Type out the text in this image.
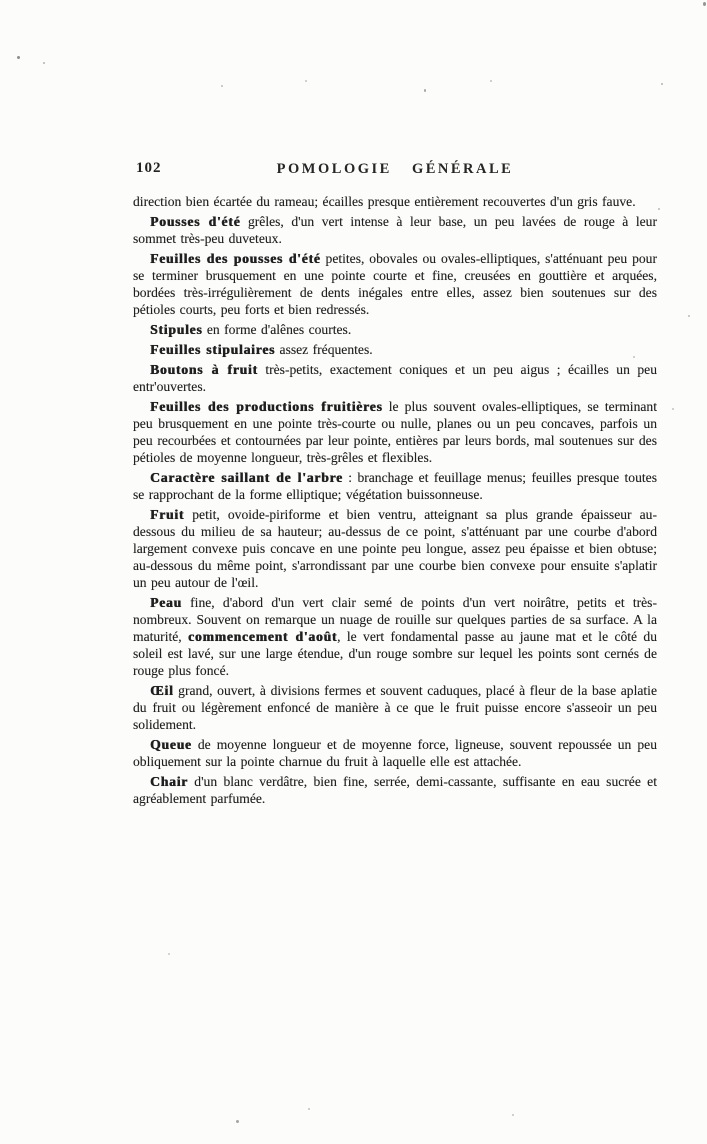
102	POMOLOGIE GÉNÉRALE

direction bien écartée du rameau; écailles presque entièrement recouvertes d'un gris fauve.

Pousses d'été grêles, d'un vert intense à leur base, un peu lavées de rouge à leur sommet très-peu duveteux.

Feuilles des pousses d'été petites, obovales ou ovales-elliptiques, s'atténuant peu pour se terminer brusquement en une pointe courte et fine, creusées en gouttière et arquées, bordées très-irrégulièrement de dents inégales entre elles, assez bien soutenues sur des pétioles courts, peu forts et bien redressés.

Stipules en forme d'alênes courtes.

Feuilles stipulaires assez fréquentes.

Boutons à fruit très-petits, exactement coniques et un peu aigus ; écailles un peu entr'ouvertes.

Feuilles des productions fruitières le plus souvent ovales-elliptiques, se terminant peu brusquement en une pointe très-courte ou nulle, planes ou un peu concaves, parfois un peu recourbées et contournées par leur pointe, entières par leurs bords, mal soutenues sur des pétioles de moyenne longueur, très-grêles et flexibles.

Caractère saillant de l'arbre : branchage et feuillage menus; feuilles presque toutes se rapprochant de la forme elliptique; végétation buissonneuse.

Fruit petit, ovoide-piriforme et bien ventru, atteignant sa plus grande épaisseur au-dessous du milieu de sa hauteur; au-dessus de ce point, s'atténuant par une courbe d'abord largement convexe puis concave en une pointe peu longue, assez peu épaisse et bien obtuse; au-dessous du même point, s'arrondissant par une courbe bien convexe pour ensuite s'aplatir un peu autour de l'œil.

Peau fine, d'abord d'un vert clair semé de points d'un vert noirâtre, petits et très-nombreux. Souvent on remarque un nuage de rouille sur quelques parties de sa surface. A la maturité, commencement d'août, le vert fondamental passe au jaune mat et le côté du soleil est lavé, sur une large étendue, d'un rouge sombre sur lequel les points sont cernés de rouge plus foncé.

Œil grand, ouvert, à divisions fermes et souvent caduques, placé à fleur de la base aplatie du fruit ou légèrement enfoncé de manière à ce que le fruit puisse encore s'asseoir un peu solidement.

Queue de moyenne longueur et de moyenne force, ligneuse, souvent repoussée un peu obliquement sur la pointe charnue du fruit à laquelle elle est attachée.

Chair d'un blanc verdâtre, bien fine, serrée, demi-cassante, suffisante en eau sucrée et agréablement parfumée.
